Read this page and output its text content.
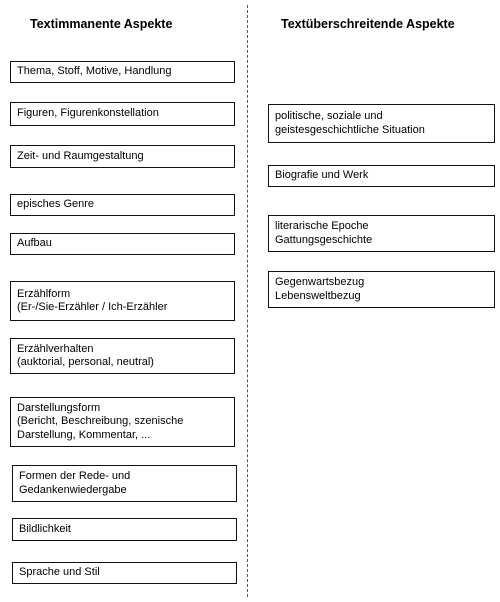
Textimmanente Aspekte	Textüberschreitende Aspekte
Thema, Stoff, Motive, Handlung
Figuren, Figurenkonstellation
Zeit- und Raumgestaltung
episches Genre
Aufbau
Erzählform
(Er-/Sie-Erzähler / Ich-Erzähler
Erzählverhalten
(auktorial, personal, neutral)
Darstellungsform
(Bericht, Beschreibung, szenische Darstellung, Kommentar, ...
Formen der Rede- und
Gedankenwiedergabe
Bildlichkeit
Sprache und Stil
politische, soziale und
geistesgeschichtliche Situation
Biografie und Werk
literarische Epoche
Gattungsgeschichte
Gegenwartsbezug
Lebensweltbezug
